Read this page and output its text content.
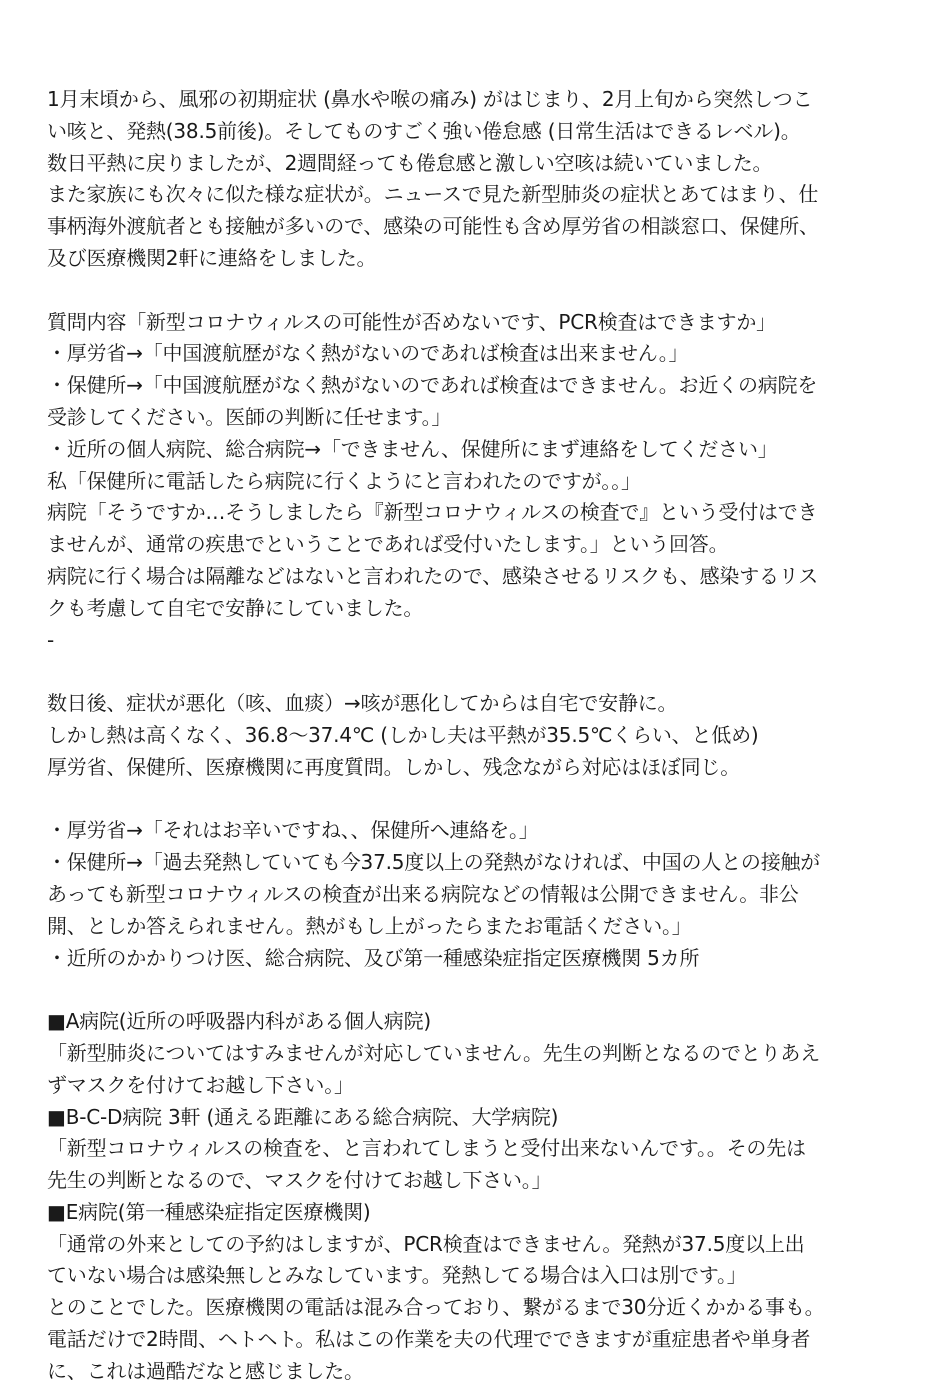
1月末頃から、風邪の初期症状 (鼻水や喉の痛み) がはじまり、2月上旬から突然しつこ
い咳と、発熱(38.5前後)。そしてものすごく強い倦怠感 (日常生活はできるレベル)。
数日平熱に戻りましたが、2週間経っても倦怠感と激しい空咳は続いていました。
また家族にも次々に似た様な症状が。ニュースで見た新型肺炎の症状とあてはまり、仕
事柄海外渡航者とも接触が多いので、感染の可能性も含め厚労省の相談窓口、保健所、
及び医療機関2軒に連絡をしました。
質問内容「新型コロナウィルスの可能性が否めないです、PCR検査はできますか」
・厚労省→「中国渡航歴がなく熱がないのであれば検査は出来ません。」
・保健所→「中国渡航歴がなく熱がないのであれば検査はできません。お近くの病院を
受診してください。医師の判断に任せます。」
・近所の個人病院、総合病院→「できません、保健所にまず連絡をしてください」
私「保健所に電話したら病院に行くようにと言われたのですが。。」
病院「そうですか…そうしましたら『新型コロナウィルスの検査で』という受付はでき
ませんが、通常の疾患でということであれば受付いたします。」という回答。
病院に行く場合は隔離などはないと言われたので、感染させるリスクも、感染するリス
クも考慮して自宅で安静にしていました。
-
数日後、症状が悪化（咳、血痰）→咳が悪化してからは自宅で安静に。
しかし熱は高くなく、36.8〜37.4℃ (しかし夫は平熱が35.5℃くらい、と低め)
厚労省、保健所、医療機関に再度質問。しかし、残念ながら対応はほぼ同じ。
・厚労省→「それはお辛いですね、、保健所へ連絡を。」
・保健所→「過去発熱していても今37.5度以上の発熱がなければ、中国の人との接触が
あっても新型コロナウィルスの検査が出来る病院などの情報は公開できません。非公
開、としか答えられません。熱がもし上がったらまたお電話ください。」
・近所のかかりつけ医、総合病院、及び第一種感染症指定医療機関 5カ所
■A病院(近所の呼吸器内科がある個人病院)
「新型肺炎についてはすみませんが対応していません。先生の判断となるのでとりあえ
ずマスクを付けてお越し下さい。」
■B-C-D病院 3軒 (通える距離にある総合病院、大学病院)
「新型コロナウィルスの検査を、と言われてしまうと受付出来ないんです。。その先は
先生の判断となるので、マスクを付けてお越し下さい。」
■E病院(第一種感染症指定医療機関)
「通常の外来としての予約はしますが、PCR検査はできません。発熱が37.5度以上出
ていない場合は感染無しとみなしています。発熱してる場合は入口は別です。」
とのことでした。医療機関の電話は混み合っており、繋がるまで30分近くかかる事も。
電話だけで2時間、ヘトヘト。私はこの作業を夫の代理でできますが重症患者や単身者
に、これは過酷だなと感じました。
